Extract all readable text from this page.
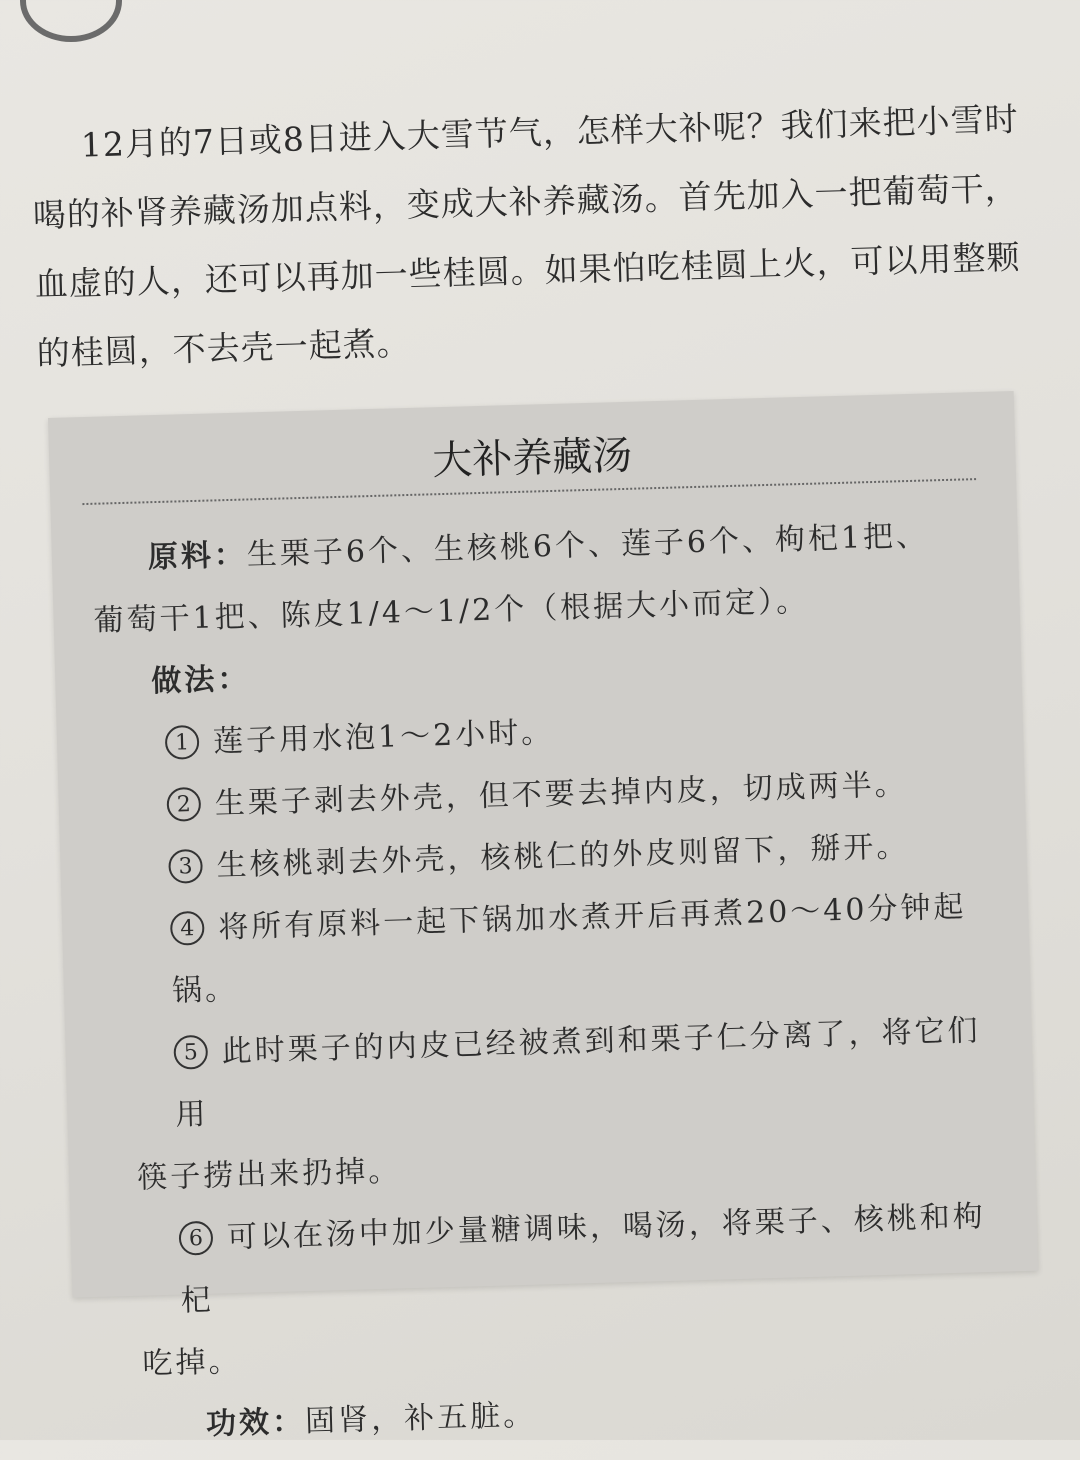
12月的7日或8日进入大雪节气，怎样大补呢？我们来把小雪时喝的补肾养藏汤加点料，变成大补养藏汤。首先加入一把葡萄干，血虚的人，还可以再加一些桂圆。如果怕吃桂圆上火，可以用整颗的桂圆，不去壳一起煮。

大补养藏汤

原料：生栗子6个、生核桃6个、莲子6个、枸杞1把、

葡萄干1把、陈皮1/4～1/2个（根据大小而定）。

做法：

1 莲子用水泡1～2小时。

2 生栗子剥去外壳，但不要去掉内皮，切成两半。

3 生核桃剥去外壳，核桃仁的外皮则留下，掰开。

4 将所有原料一起下锅加水煮开后再煮20～40分钟起锅。

5 此时栗子的内皮已经被煮到和栗子仁分离了，将它们用

筷子捞出来扔掉。

6 可以在汤中加少量糖调味，喝汤，将栗子、核桃和枸杞

吃掉。

功效：固肾，补五脏。
